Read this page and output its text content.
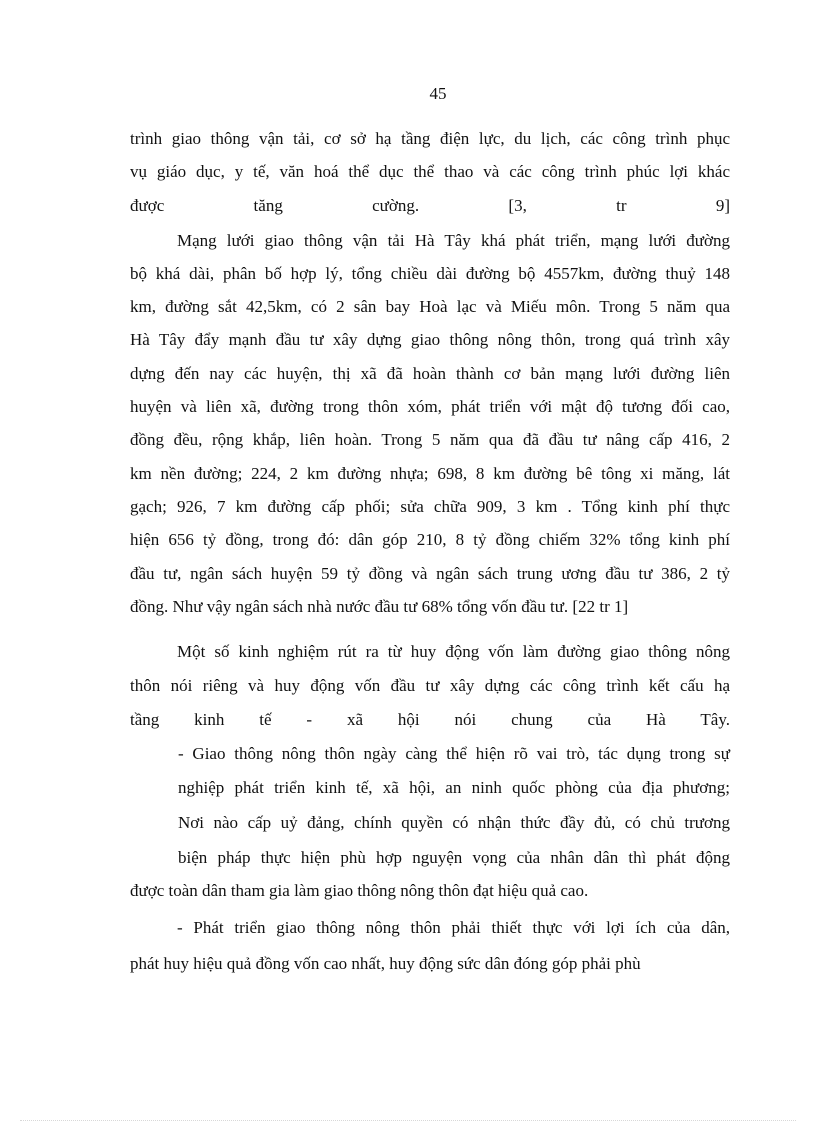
45
trình giao thông vận tải, cơ sở hạ tầng điện lực, du lịch, các công trình phục
vụ giáo dục, y tế, văn hoá thể dục thể thao và các công trình phúc lợi khác
được tăng cường. [3, tr 9]
Mạng lưới giao thông vận tải Hà Tây khá phát triển, mạng lưới đường
bộ khá dài, phân bố hợp lý, tổng chiều dài đường bộ 4557km, đường thuỷ 148
km, đường sắt 42,5km, có 2 sân bay Hoà lạc và Miếu môn. Trong 5 năm qua
Hà Tây đẩy mạnh đầu tư xây dựng giao thông nông thôn, trong quá trình xây
dựng đến nay các huyện, thị xã đã hoàn thành cơ bản mạng lưới đường liên
huyện và liên xã, đường trong thôn xóm, phát triển với mật độ tương đối cao,
đồng đều, rộng khắp, liên hoàn. Trong 5 năm qua đã đầu tư nâng cấp 416, 2
km nền đường; 224, 2 km đường nhựa; 698, 8 km đường bê tông xi măng, lát
gạch; 926, 7 km đường cấp phối; sửa chữa 909, 3 km . Tổng kinh phí thực
hiện 656 tỷ đồng, trong đó: dân góp 210, 8 tỷ đồng chiếm 32% tổng kinh phí
đầu tư, ngân sách huyện 59 tỷ đồng và ngân sách trung ương đầu tư 386, 2 tỷ
đồng. Như vậy ngân sách nhà nước đầu tư 68% tổng vốn đầu tư. [22 tr 1]
Một số kinh nghiệm rút ra từ huy động vốn làm đường giao thông nông
thôn nói riêng và huy động vốn đầu tư xây dựng các công trình kết cấu hạ
tầng kinh tế - xã hội nói chung của Hà Tây.
- Giao thông nông thôn ngày càng thể hiện rõ vai trò, tác dụng trong sự
nghiệp phát triển kinh tế, xã hội, an ninh quốc phòng của địa phương;
Nơi nào cấp uỷ đảng, chính quyền có nhận thức đầy đủ, có chủ trương
biện pháp thực hiện phù hợp nguyện vọng của nhân dân thì phát động
được toàn dân tham gia làm giao thông nông thôn đạt hiệu quả cao.
- Phát triển giao thông nông thôn phải thiết thực với lợi ích của dân,
phát huy hiệu quả đồng vốn cao nhất, huy động sức dân đóng góp phải phù
